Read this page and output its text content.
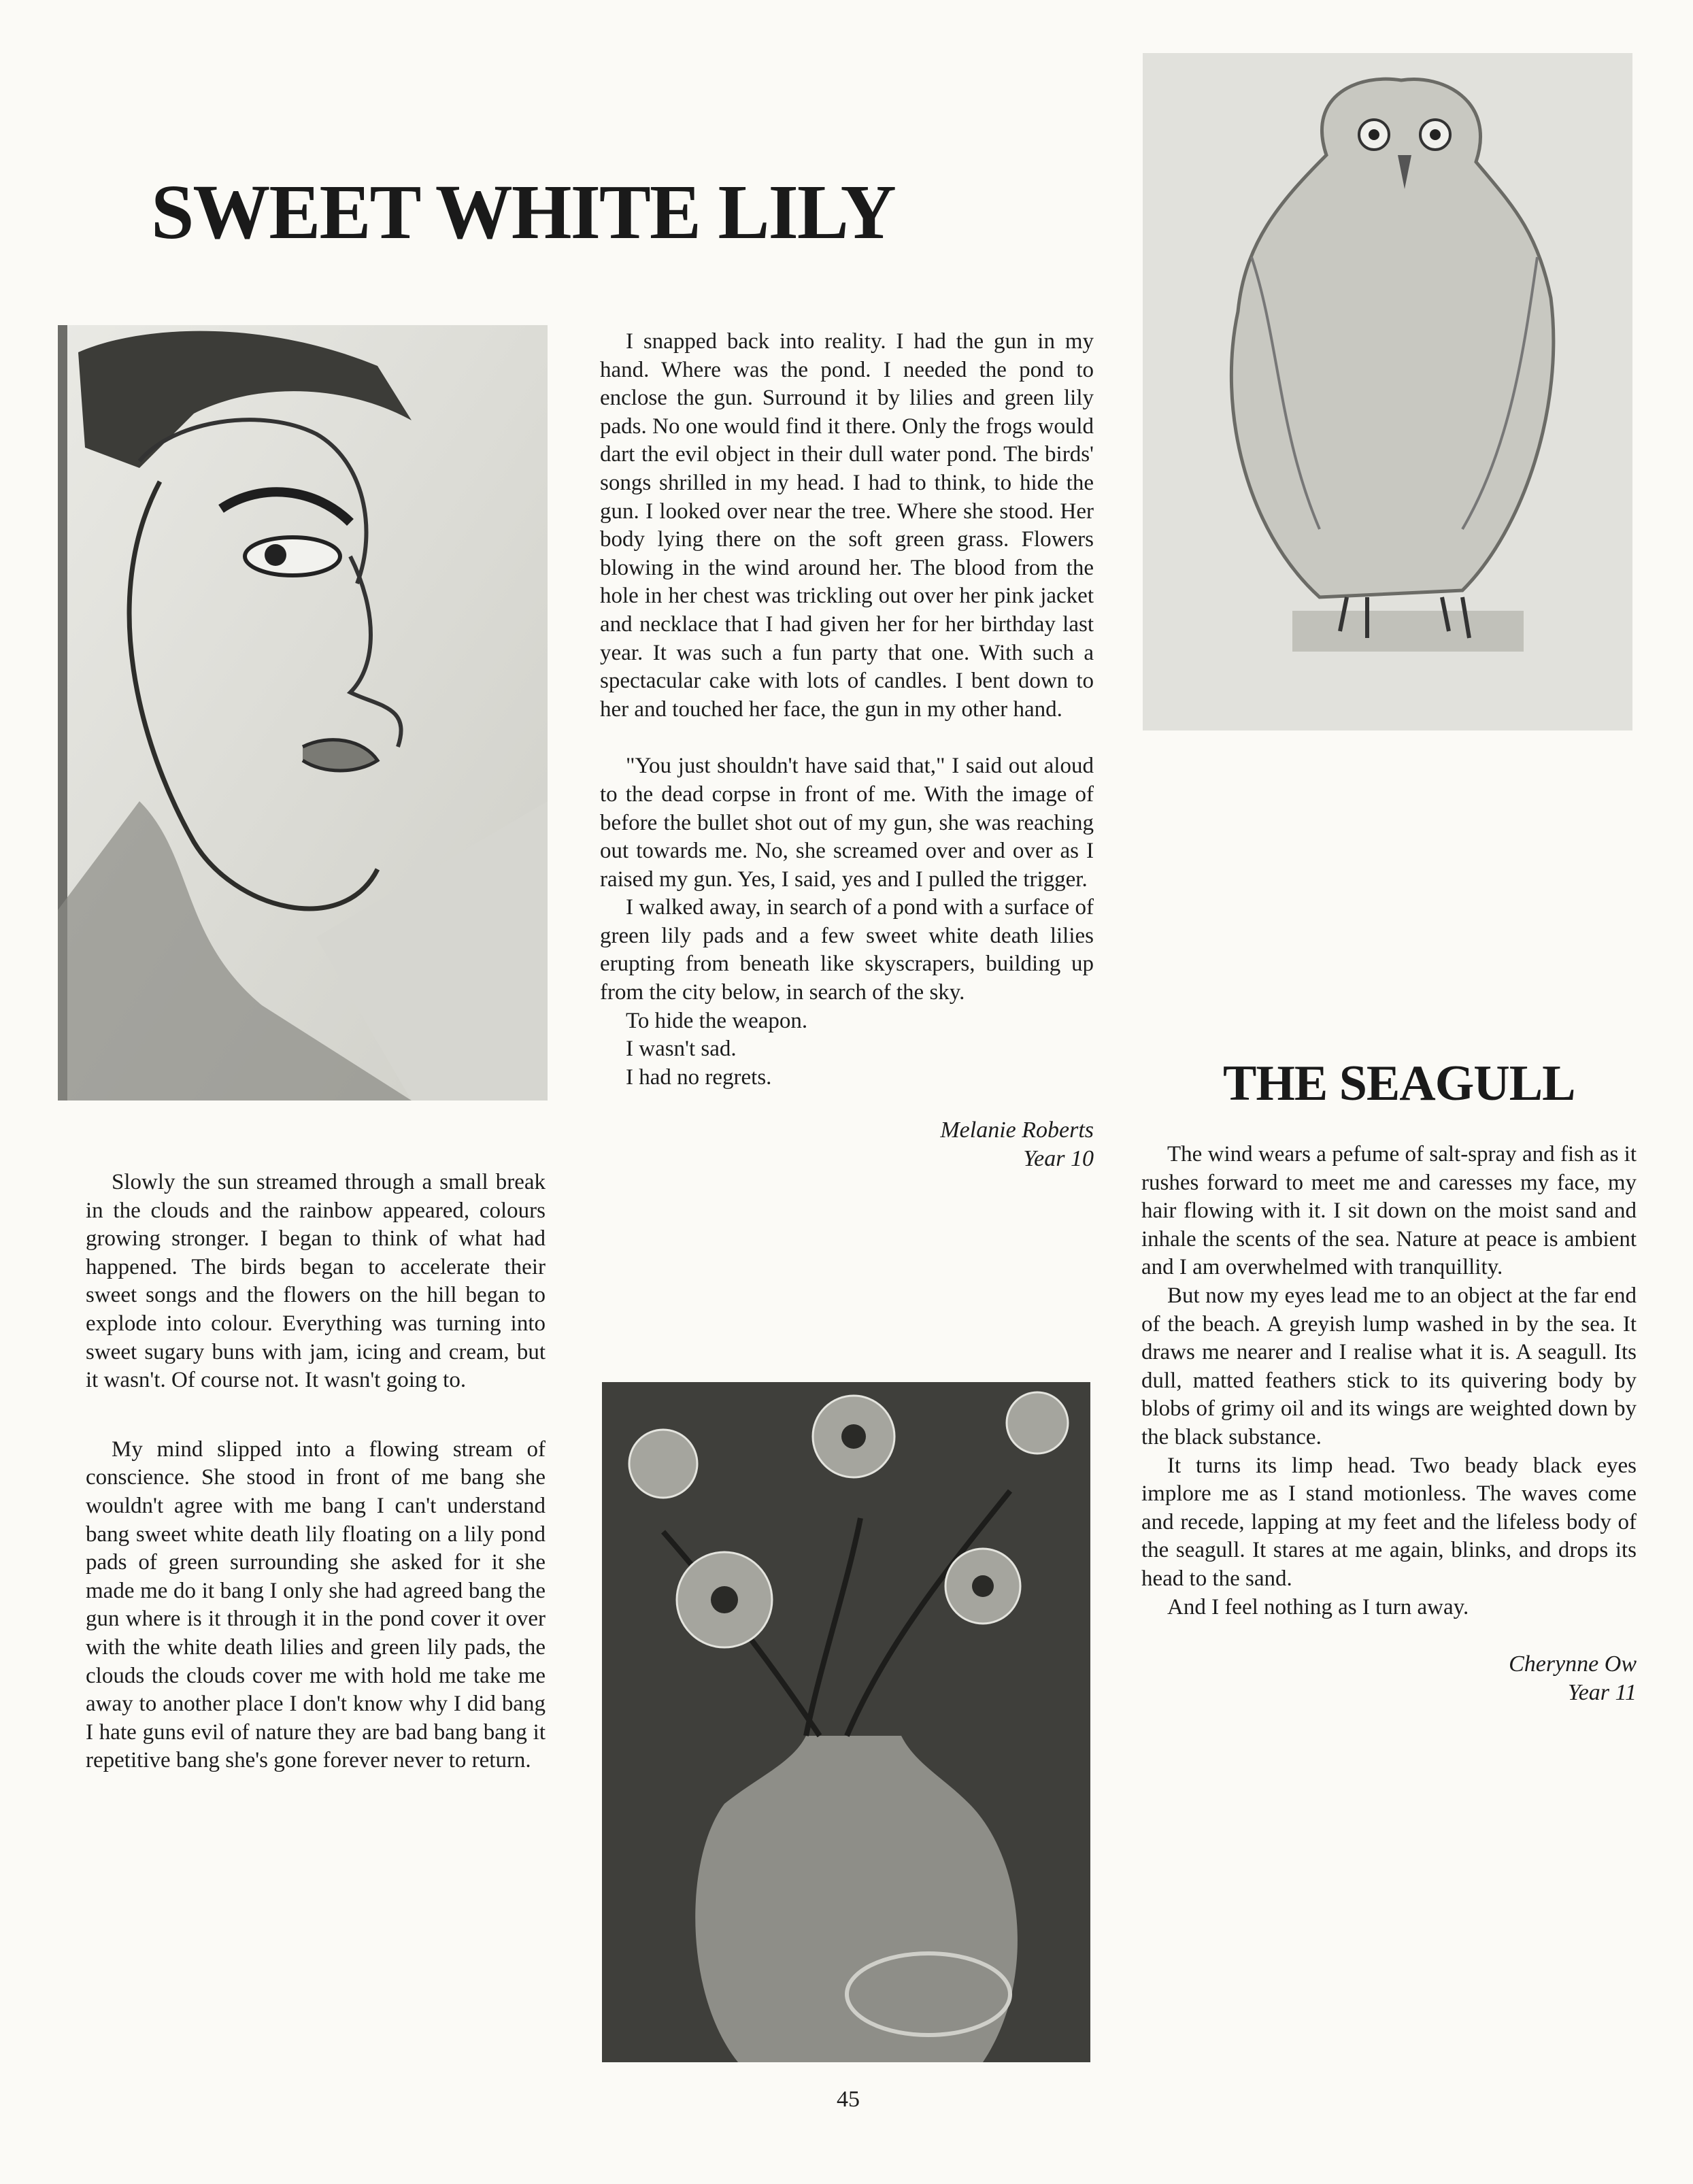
SWEET WHITE LILY

Slowly the sun streamed through a small break in the clouds and the rainbow appeared, colours growing stronger. I began to think of what had happened. The birds began to accelerate their sweet songs and the flowers on the hill began to explode into colour. Everything was turning into sweet sugary buns with jam, icing and cream, but it wasn't. Of course not. It wasn't going to.

My mind slipped into a flowing stream of conscience. She stood in front of me bang she wouldn't agree with me bang I can't understand bang sweet white death lily floating on a lily pond pads of green surrounding she asked for it she made me do it bang I only she had agreed bang the gun where is it through it in the pond cover it over with the white death lilies and green lily pads, the clouds the clouds cover me with hold me take me away to another place I don't know why I did bang I hate guns evil of nature they are bad bang bang it repetitive bang she's gone forever never to return.

I snapped back into reality. I had the gun in my hand. Where was the pond. I needed the pond to enclose the gun. Surround it by lilies and green lily pads. No one would find it there. Only the frogs would dart the evil object in their dull water pond. The birds' songs shrilled in my head. I had to think, to hide the gun. I looked over near the tree. Where she stood. Her body lying there on the soft green grass. Flowers blowing in the wind around her. The blood from the hole in her chest was trickling out over her pink jacket and necklace that I had given her for her birthday last year. It was such a fun party that one. With such a spectacular cake with lots of candles. I bent down to her and touched her face, the gun in my other hand.

"You just shouldn't have said that," I said out aloud to the dead corpse in front of me. With the image of before the bullet shot out of my gun, she was reaching out towards me. No, she screamed over and over as I raised my gun. Yes, I said, yes and I pulled the trigger.

I walked away, in search of a pond with a surface of green lily pads and a few sweet white death lilies erupting from beneath like skyscrapers, building up from the city below, in search of the sky.

To hide the weapon.

I wasn't sad.

I had no regrets.

Melanie Roberts
Year 10
THE SEAGULL

The wind wears a pefume of salt-spray and fish as it rushes forward to meet me and caresses my face, my hair flowing with it. I sit down on the moist sand and inhale the scents of the sea. Nature at peace is ambient and I am overwhelmed with tranquillity.

But now my eyes lead me to an object at the far end of the beach. A greyish lump washed in by the sea. It draws me nearer and I realise what it is. A seagull. Its dull, matted feathers stick to its quivering body by blobs of grimy oil and its wings are weighted down by the black substance.

It turns its limp head. Two beady black eyes implore me as I stand motionless. The waves come and recede, lapping at my feet and the lifeless body of the seagull. It stares at me again, blinks, and drops its head to the sand.

And I feel nothing as I turn away.

Cherynne Ow
Year 11
45
